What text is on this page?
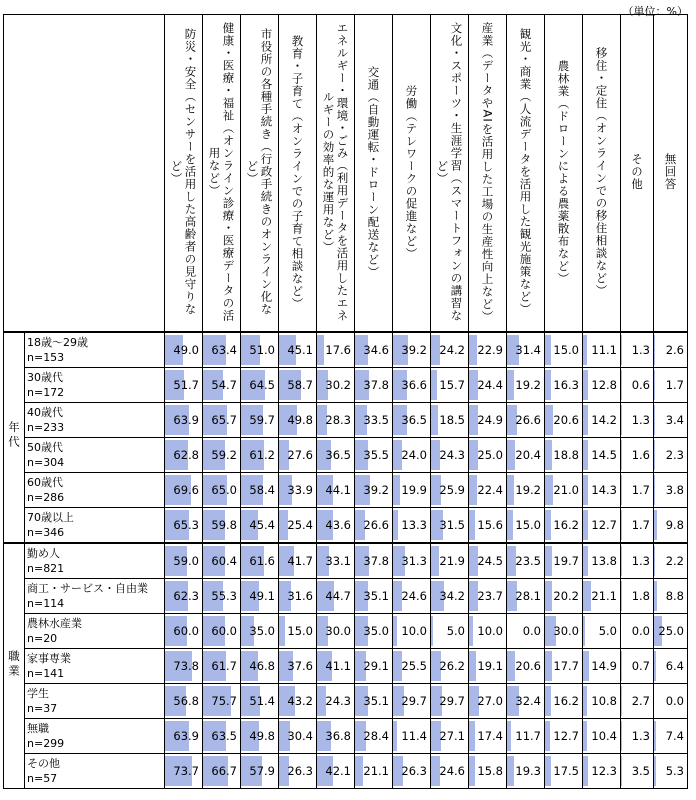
（単位：%）

		防災・安全（センサーを活用した高齢者の見守りなど）	健康・医療・福祉（オンライン診療・医療データの活用など）	市役所の各種手続き（行政手続きのオンライン化など）	教育・子育て（オンラインでの子育て相談など）	エネルギー・環境・ごみ（利用データを活用したエネルギーの効率的な運用など）	交通（自動運転・ドローン配送など）	労働（テレワークの促進など）	文化・スポーツ・生涯学習（スマートフォンの講習など）	産業（データやAIを活用した工場の生産性向上など）	観光・商業（人流データを活用した観光施策など）	農林業（ドローンによる農薬散布など）	移住・定住（オンラインでの移住相談など）	その他	無回答

年代	18歳～29歳
n=153	49.0	63.4	51.0	45.1	17.6	34.6	39.2	24.2	22.9	31.4	15.0	11.1	1.3	2.6

	30歳代
n=172	51.7	54.7	64.5	58.7	30.2	37.8	36.6	15.7	24.4	19.2	16.3	12.8	0.6	1.7

	40歳代
n=233	63.9	65.7	59.7	49.8	28.3	33.5	36.5	18.5	24.9	26.6	20.6	14.2	1.3	3.4

	50歳代
n=304	62.8	59.2	61.2	27.6	36.5	35.5	24.0	24.3	25.0	20.4	18.8	14.5	1.6	2.3

	60歳代
n=286	69.6	65.0	58.4	33.9	44.1	39.2	19.9	25.9	22.4	19.2	21.0	14.3	1.7	3.8

	70歳以上
n=346	65.3	59.8	45.4	25.4	43.6	26.6	13.3	31.5	15.6	15.0	16.2	12.7	1.7	9.8
職業	勤め人
n=821	59.0	60.4	61.6	41.7	33.1	37.8	31.3	21.9	24.5	23.5	19.7	13.8	1.3	2.2

	商工・サービス・自由業
n=114	62.3	55.3	49.1	31.6	44.7	35.1	24.6	34.2	23.7	28.1	20.2	21.1	1.8	8.8

	農林水産業
n=20	60.0	60.0	35.0	15.0	30.0	35.0	10.0	5.0	10.0	0.0	30.0	5.0	0.0	25.0

	家事専業
n=141	73.8	61.7	46.8	37.6	41.1	29.1	25.5	26.2	19.1	20.6	17.7	14.9	0.7	6.4

	学生
n=37	56.8	75.7	51.4	43.2	24.3	35.1	29.7	29.7	27.0	32.4	16.2	10.8	2.7	0.0

	無職
n=299	63.9	63.5	49.8	30.4	36.8	28.4	11.4	27.1	17.4	11.7	12.7	10.4	1.3	7.4

	その他
n=57	73.7	66.7	57.9	26.3	42.1	21.1	26.3	24.6	15.8	19.3	17.5	12.3	3.5	5.3
